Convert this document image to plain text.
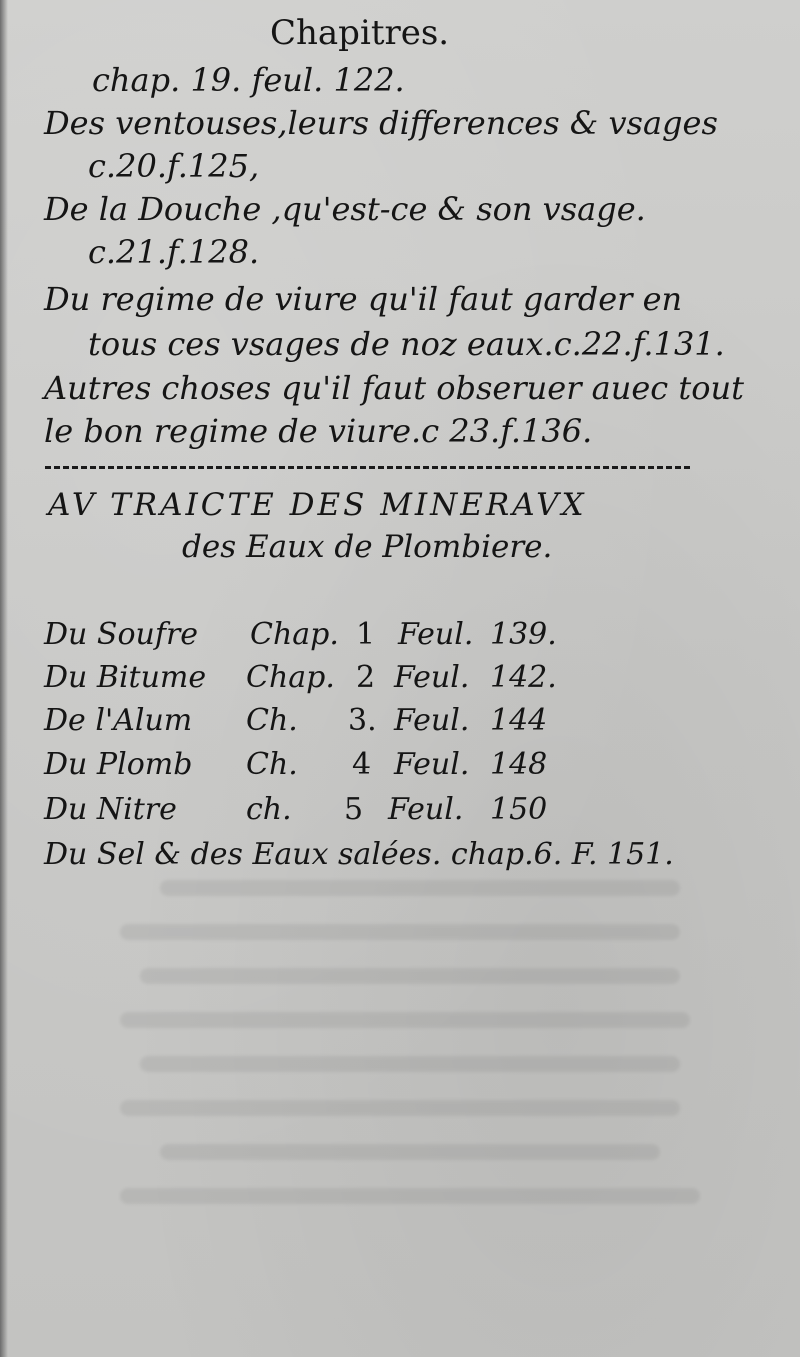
Chapitres.
chap. 19. feul. 122.
Des ventouses,leurs differences & vsages
c.20.f.125,
De la Douche ,qu'est-ce & son vsage.
c.21.f.128.
Du regime de viure qu'il faut garder en
tous ces vsages de noz eaux.c.22.f.131.
Autres choses qu'il faut obseruer auec tout
le bon regime de viure.c 23.f.136.
AV TRAICTE DES MINERAVX
des Eaux de Plombiere.
Du Soufre Chap. 1 Feul. 139.
Du Bitume Chap. 2 Feul. 142.
De l'Alum Ch. 3. Feul. 144
Du Plomb Ch. 4 Feul. 148
Du Nitre ch. 5 Feul. 150
Du Sel & des Eaux salées. chap.6. F. 151.
